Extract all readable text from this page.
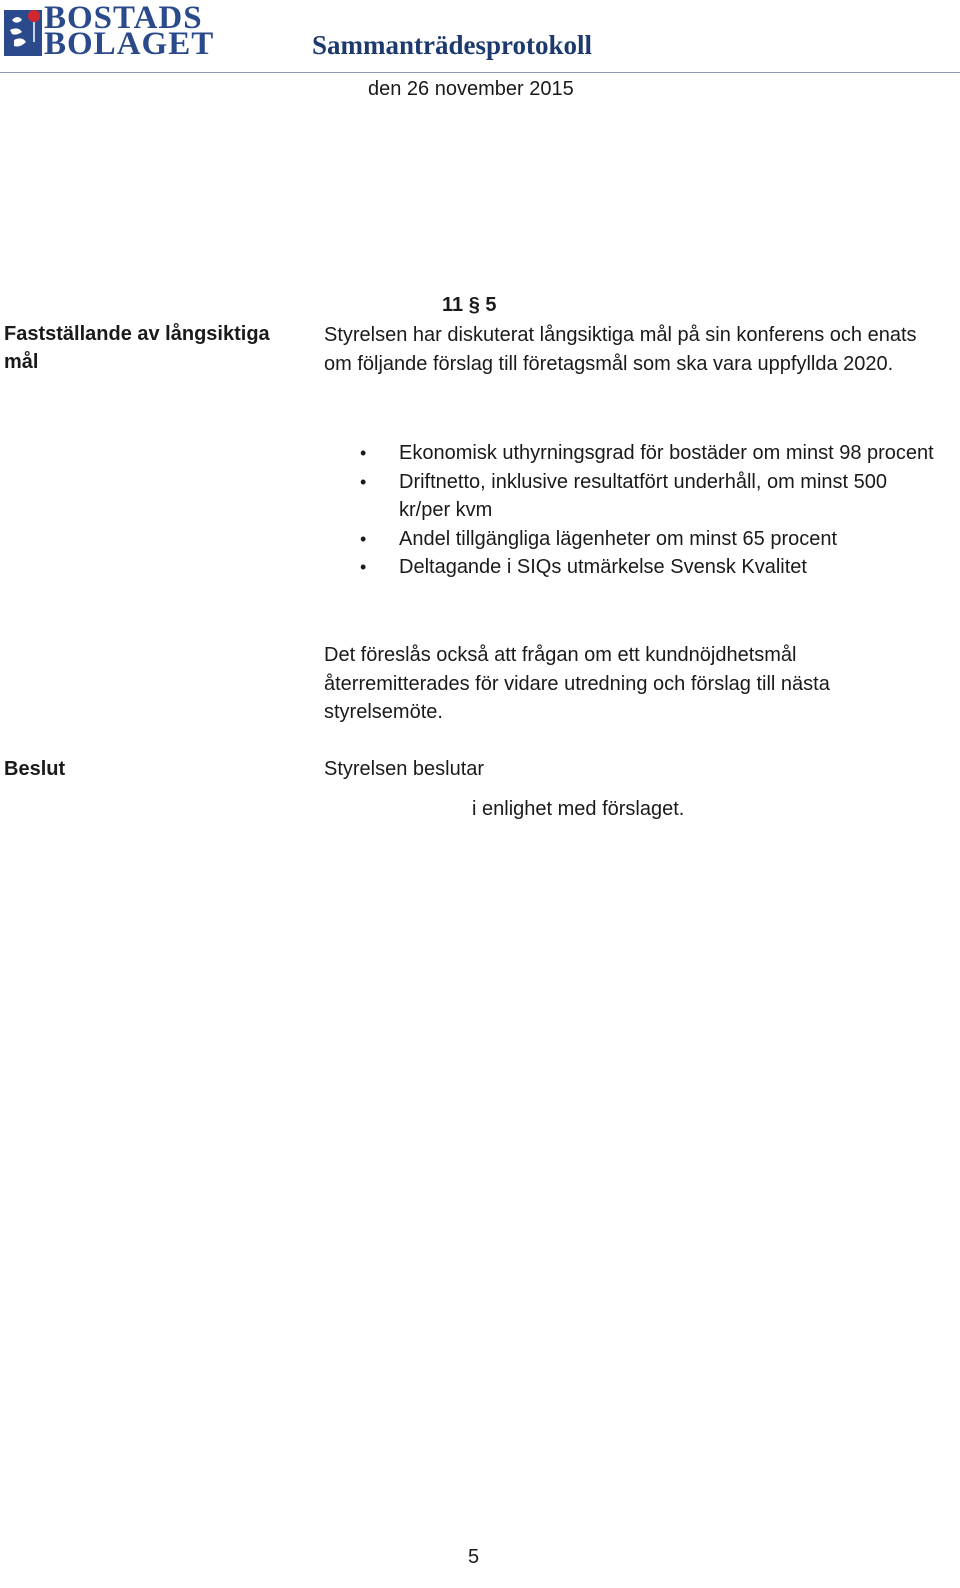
BOSTADS
BOLAGET	Sammanträdesprotokoll
den 26 november 2015
Fastställande av långsiktiga mål
11 § 5
Styrelsen har diskuterat långsiktiga mål på sin konferens och enats om följande förslag till företagsmål som ska vara uppfyllda 2020.
• Ekonomisk uthyrningsgrad för bostäder om minst 98 procent
• Driftnetto, inklusive resultatfört underhåll, om minst 500 kr/per kvm
• Andel tillgängliga lägenheter om minst 65 procent
• Deltagande i SIQs utmärkelse Svensk Kvalitet
Det föreslås också att frågan om ett kundnöjdhetsmål återremitterades för vidare utredning och förslag till nästa styrelsemöte.
Beslut	Styrelsen beslutar
i enlighet med förslaget.
5
